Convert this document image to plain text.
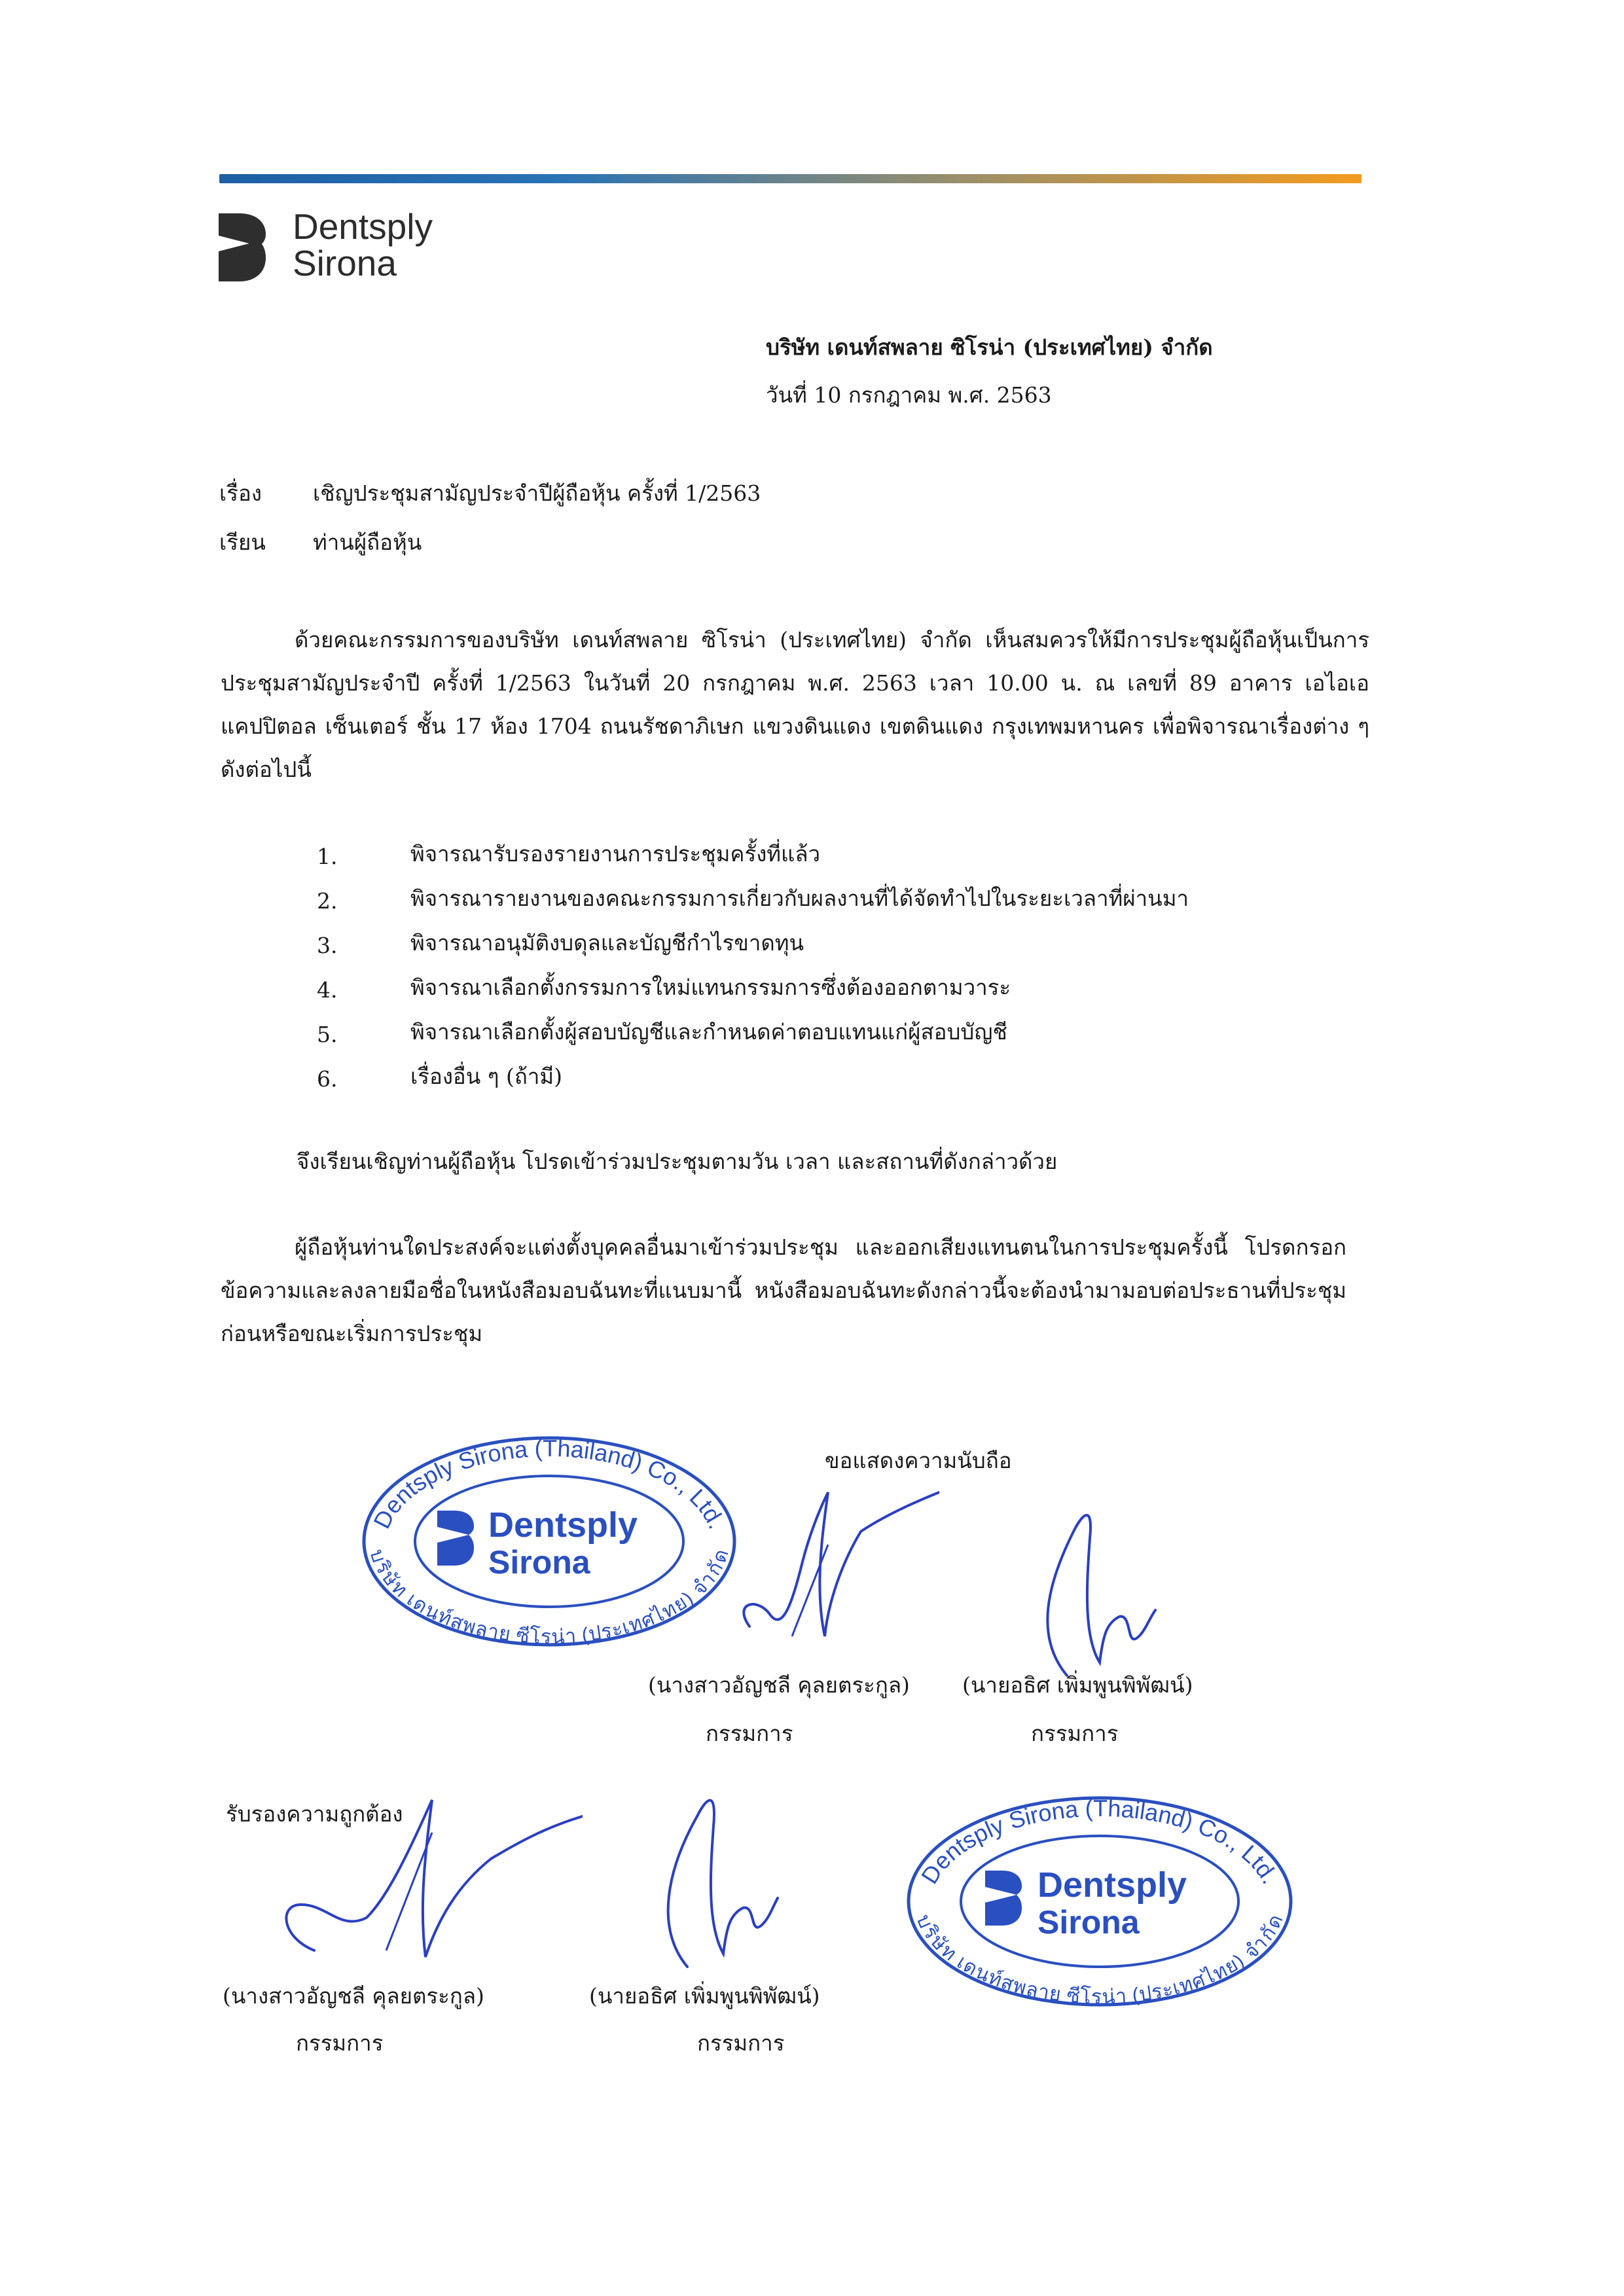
Dentsply
Sirona
บริษัท เดนท์สพลาย ซิโรน่า (ประเทศไทย) จำกัด
วันที่ 10 กรกฎาคม พ.ศ. 2563
เรื่อง เชิญประชุมสามัญประจำปีผู้ถือหุ้น ครั้งที่ 1/2563
เรียน ท่านผู้ถือหุ้น
ด้วยคณะกรรมการของบริษัท เดนท์สพลาย ซิโรน่า (ประเทศไทย) จำกัด เห็นสมควรให้มีการประชุมผู้ถือหุ้นเป็นการประชุมสามัญประจำปี ครั้งที่ 1/2563 ในวันที่ 20 กรกฎาคม พ.ศ. 2563 เวลา 10.00 น. ณ เลขที่ 89 อาคาร เอไอเอ แคปปิตอล เซ็นเตอร์ ชั้น 17 ห้อง 1704 ถนนรัชดาภิเษก แขวงดินแดง เขตดินแดง กรุงเทพมหานคร เพื่อพิจารณาเรื่องต่าง ๆ ดังต่อไปนี้
1.	พิจารณารับรองรายงานการประชุมครั้งที่แล้ว
2.	พิจารณารายงานของคณะกรรมการเกี่ยวกับผลงานที่ได้จัดทำไปในระยะเวลาที่ผ่านมา
3.	พิจารณาอนุมัติงบดุลและบัญชีกำไรขาดทุน
4.	พิจารณาเลือกตั้งกรรมการใหม่แทนกรรมการซึ่งต้องออกตามวาระ
5.	พิจารณาเลือกตั้งผู้สอบบัญชีและกำหนดค่าตอบแทนแก่ผู้สอบบัญชี
6.	เรื่องอื่น ๆ (ถ้ามี)
จึงเรียนเชิญท่านผู้ถือหุ้น โปรดเข้าร่วมประชุมตามวัน เวลา และสถานที่ดังกล่าวด้วย
ผู้ถือหุ้นท่านใดประสงค์จะแต่งตั้งบุคคลอื่นมาเข้าร่วมประชุม และออกเสียงแทนตนในการประชุมครั้งนี้ โปรดกรอกข้อความและลงลายมือชื่อในหนังสือมอบฉันทะที่แนบมานี้ หนังสือมอบฉันทะดังกล่าวนี้จะต้องนำมามอบต่อประธานที่ประชุมก่อนหรือขณะเริ่มการประชุม
ขอแสดงความนับถือ
Dentsply Sirona (Thailand) Co., Ltd.
บริษัท เดนท์สพลาย ซีโรน่า (ประเทศไทย) จำกัด
Dentsply
Sirona
(นางสาวอัญชลี คุลยตระกูล)
กรรมการ
(นายอธิศ เพิ่มพูนพิพัฒน์)
กรรมการ
รับรองความถูกต้อง
Dentsply Sirona (Thailand) Co., Ltd.
บริษัท เดนท์สพลาย ซีโรน่า (ประเทศไทย) จำกัด
Dentsply
Sirona
(นางสาวอัญชลี คุลยตระกูล)
กรรมการ
(นายอธิศ เพิ่มพูนพิพัฒน์)
กรรมการ
